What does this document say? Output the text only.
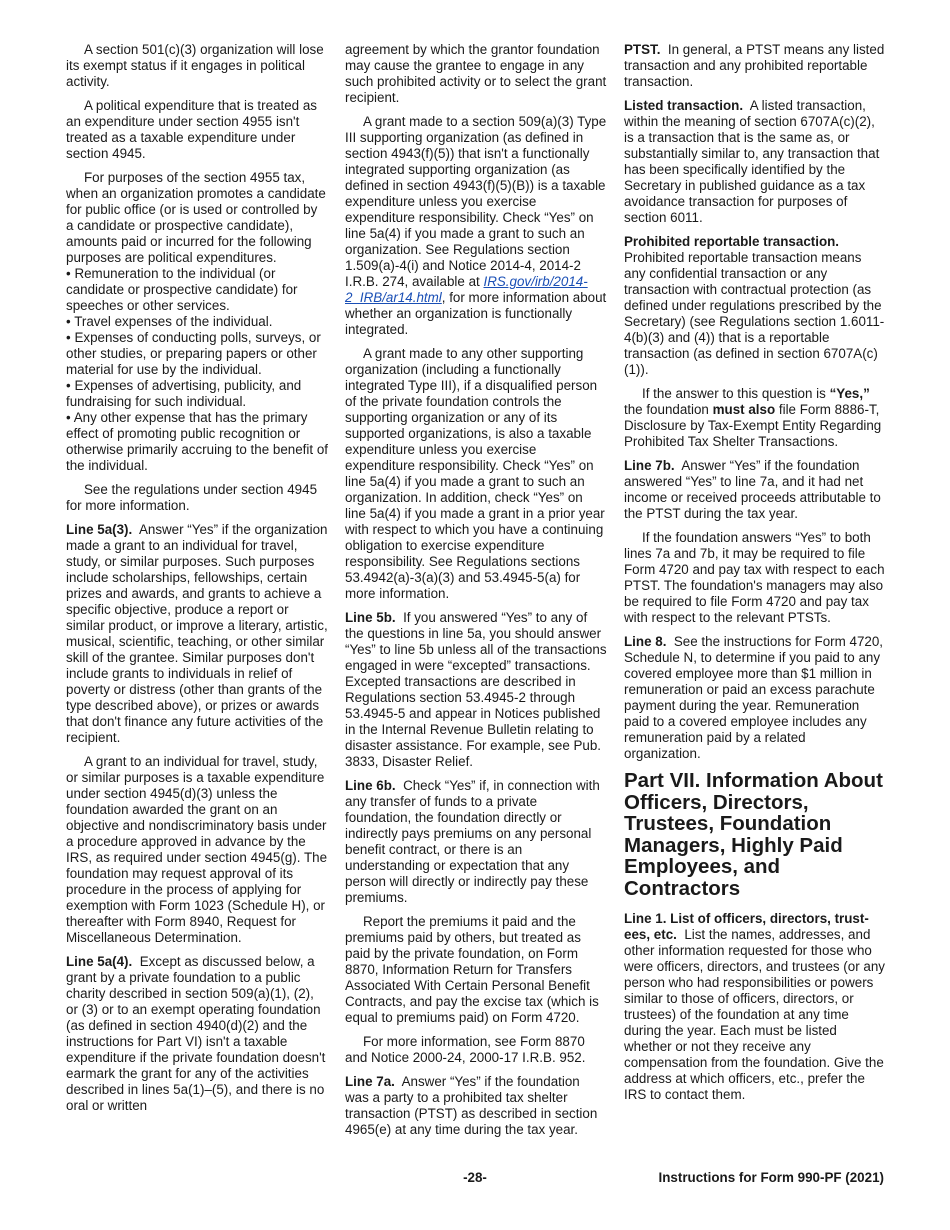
A section 501(c)(3) organization will lose its exempt status if it engages in political activity.

A political expenditure that is treated as an expenditure under section 4955 isn't treated as a taxable expenditure under section 4945.

For purposes of the section 4955 tax, when an organization promotes a candidate for public office (or is used or controlled by a candidate or prospective candidate), amounts paid or incurred for the following purposes are political expenditures.

• Remuneration to the individual (or candidate or prospective candidate) for speeches or other services.

• Travel expenses of the individual.

• Expenses of conducting polls, surveys, or other studies, or preparing papers or other material for use by the individual.

• Expenses of advertising, publicity, and fundraising for such individual.

• Any other expense that has the primary effect of promoting public recognition or otherwise primarily accruing to the benefit of the individual.

See the regulations under section 4945 for more information.

Line 5a(3). Answer “Yes” if the organization made a grant to an individual for travel, study, or similar purposes. Such purposes include scholarships, fellowships, certain prizes and awards, and grants to achieve a specific objective, produce a report or similar product, or improve a literary, artistic, musical, scientific, teaching, or other similar skill of the grantee. Similar purposes don't include grants to individuals in relief of poverty or distress (other than grants of the type described above), or prizes or awards that don't finance any future activities of the recipient.

A grant to an individual for travel, study, or similar purposes is a taxable expenditure under section 4945(d)(3) unless the foundation awarded the grant on an objective and nondiscriminatory basis under a procedure approved in advance by the IRS, as required under section 4945(g). The foundation may request approval of its procedure in the process of applying for exemption with Form 1023 (Schedule H), or thereafter with Form 8940, Request for Miscellaneous Determination.

Line 5a(4). Except as discussed below, a grant by a private foundation to a public charity described in section 509(a)(1), (2), or (3) or to an exempt operating foundation (as defined in section 4940(d)(2) and the instructions for Part VI) isn't a taxable expenditure if the private foundation doesn't earmark the grant for any of the activities described in lines 5a(1)–(5), and there is no oral or written

agreement by which the grantor foundation may cause the grantee to engage in any such prohibited activity or to select the grant recipient.

A grant made to a section 509(a)(3) Type III supporting organization (as defined in section 4943(f)(5)) that isn't a functionally integrated supporting organization (as defined in section 4943(f)(5)(B)) is a taxable expenditure unless you exercise expenditure responsibility. Check “Yes” on line 5a(4) if you made a grant to such an organization. See Regulations section 1.509(a)-4(i) and Notice 2014-4, 2014-2 I.R.B. 274, available at IRS.gov/irb/2014-2_IRB/ar14.html, for more information about whether an organization is functionally integrated.

A grant made to any other supporting organization (including a functionally integrated Type III), if a disqualified person of the private foundation controls the supporting organization or any of its supported organizations, is also a taxable expenditure unless you exercise expenditure responsibility. Check “Yes” on line 5a(4) if you made a grant to such an organization. In addition, check “Yes” on line 5a(4) if you made a grant in a prior year with respect to which you have a continuing obligation to exercise expenditure responsibility. See Regulations sections 53.4942(a)-3(a)(3) and 53.4945-5(a) for more information.

Line 5b. If you answered “Yes” to any of the questions in line 5a, you should answer “Yes” to line 5b unless all of the transactions engaged in were “excepted” transactions. Excepted transactions are described in Regulations section 53.4945-2 through 53.4945-5 and appear in Notices published in the Internal Revenue Bulletin relating to disaster assistance. For example, see Pub. 3833, Disaster Relief.

Line 6b. Check “Yes” if, in connection with any transfer of funds to a private foundation, the foundation directly or indirectly pays premiums on any personal benefit contract, or there is an understanding or expectation that any person will directly or indirectly pay these premiums.

Report the premiums it paid and the premiums paid by others, but treated as paid by the private foundation, on Form 8870, Information Return for Transfers Associated With Certain Personal Benefit Contracts, and pay the excise tax (which is equal to premiums paid) on Form 4720.

For more information, see Form 8870 and Notice 2000-24, 2000-17 I.R.B. 952.

Line 7a. Answer “Yes” if the foundation was a party to a prohibited tax shelter transaction (PTST) as described in section 4965(e) at any time during the tax year.

PTST. In general, a PTST means any listed transaction and any prohibited reportable transaction.

Listed transaction. A listed transaction, within the meaning of section 6707A(c)(2), is a transaction that is the same as, or substantially similar to, any transaction that has been specifically identified by the Secretary in published guidance as a tax avoidance transaction for purposes of section 6011.

Prohibited reportable transaction.
Prohibited reportable transaction means any confidential transaction or any transaction with contractual protection (as defined under regulations prescribed by the Secretary) (see Regulations section 1.6011-4(b)(3) and (4)) that is a reportable transaction (as defined in section 6707A(c)(1)).

If the answer to this question is “Yes,” the foundation must also file Form 8886-T, Disclosure by Tax-Exempt Entity Regarding Prohibited Tax Shelter Transactions.

Line 7b. Answer “Yes” if the foundation answered “Yes” to line 7a, and it had net income or received proceeds attributable to the PTST during the tax year.

If the foundation answers “Yes” to both lines 7a and 7b, it may be required to file Form 4720 and pay tax with respect to each PTST. The foundation's managers may also be required to file Form 4720 and pay tax with respect to the relevant PTSTs.

Line 8. See the instructions for Form 4720, Schedule N, to determine if you paid to any covered employee more than $1 million in remuneration or paid an excess parachute payment during the year. Remuneration paid to a covered employee includes any remuneration paid by a related organization.

Part VII. Information About Officers, Directors, Trustees, Foundation Managers, Highly Paid Employees, and Contractors

Line 1. List of officers, directors, trust-ees, etc. List the names, addresses, and other information requested for those who were officers, directors, and trustees (or any person who had responsibilities or powers similar to those of officers, directors, or trustees) of the foundation at any time during the year. Each must be listed whether or not they receive any compensation from the foundation. Give the address at which officers, etc., prefer the IRS to contact them.

-28-	Instructions for Form 990-PF (2021)
